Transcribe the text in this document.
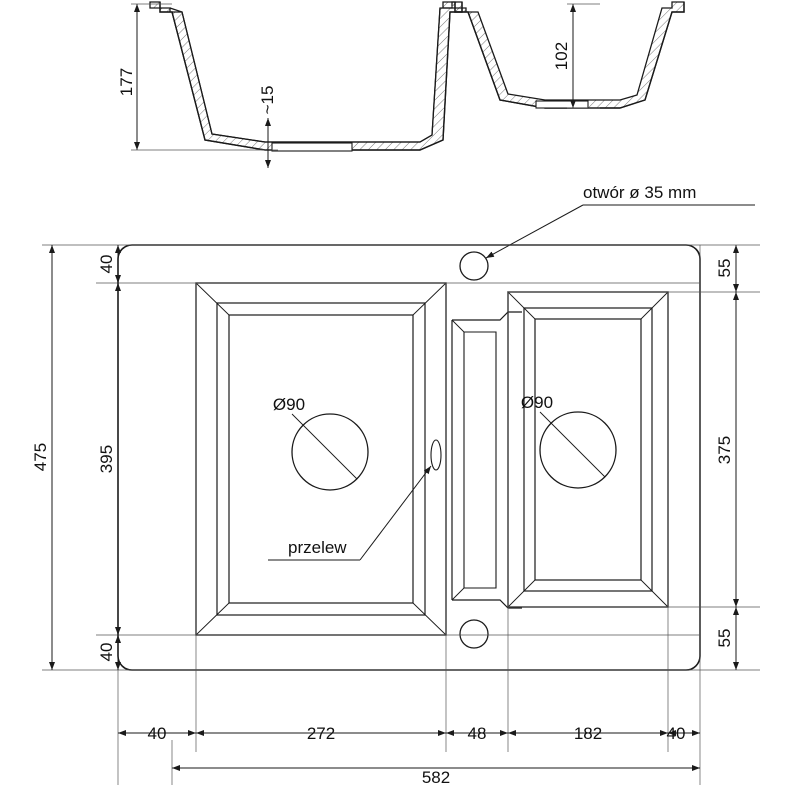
177
~15
102
Ø90	Ø90
otwór ø 35 mm
przelew
40
395
40
475
55
375
55
40	272	48	182	40
582
